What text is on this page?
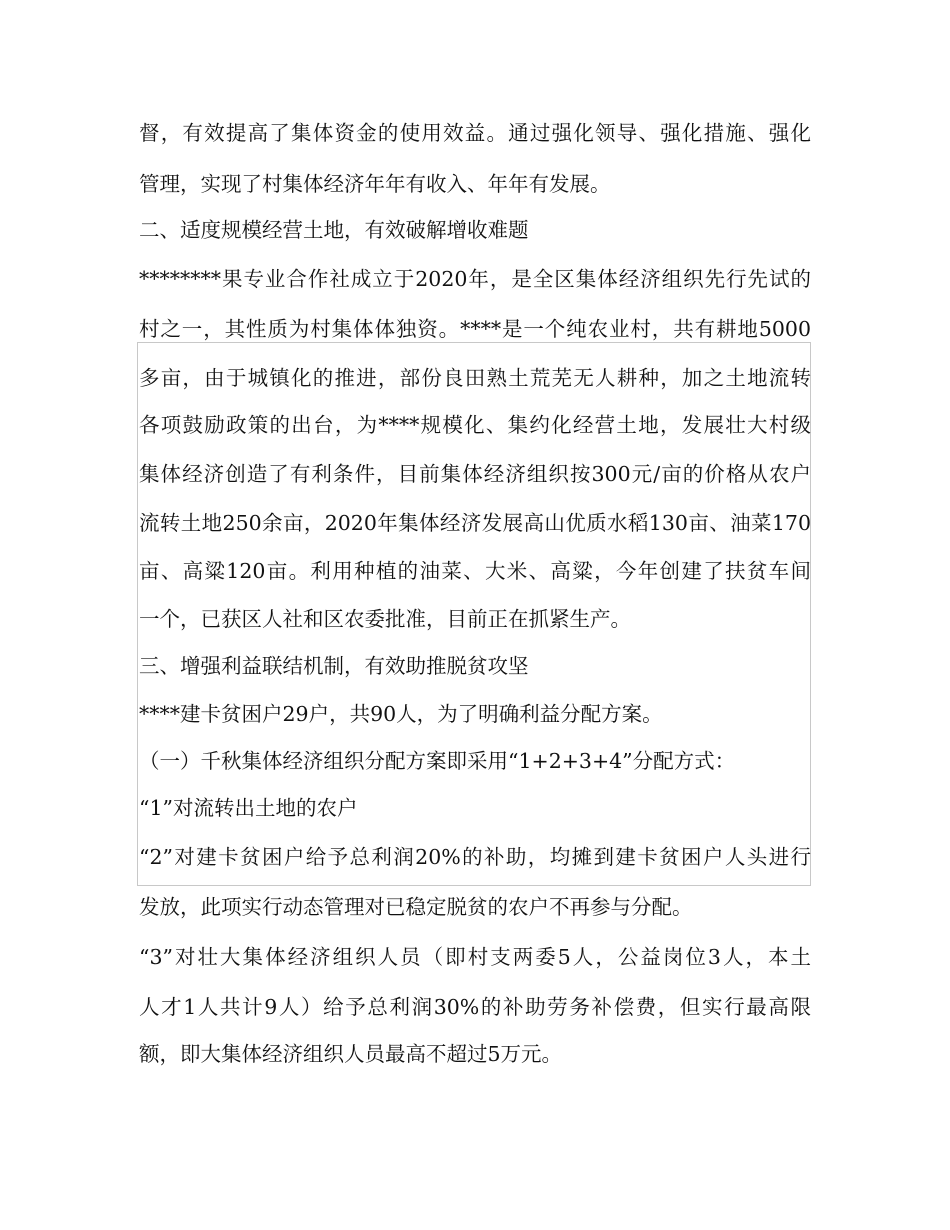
督，有效提高了集体资金的使用效益。通过强化领导、强化措施、强化
管理，实现了村集体经济年年有收入、年年有发展。
二、适度规模经营土地，有效破解增收难题
********果专业合作社成立于2020年，是全区集体经济组织先行先试的
村之一，其性质为村集体体独资。****是一个纯农业村，共有耕地5000
多亩，由于城镇化的推进，部份良田熟土荒芜无人耕种，加之土地流转
各项鼓励政策的出台，为****规模化、集约化经营土地，发展壮大村级
集体经济创造了有利条件，目前集体经济组织按300元/亩的价格从农户
流转土地250余亩，2020年集体经济发展高山优质水稻130亩、油菜170
亩、高粱120亩。利用种植的油菜、大米、高粱，今年创建了扶贫车间
一个，已获区人社和区农委批准，目前正在抓紧生产。
三、增强利益联结机制，有效助推脱贫攻坚
****建卡贫困户29户，共90人，为了明确利益分配方案。
（一）千秋集体经济组织分配方案即采用“1+2+3+4”分配方式：
“1”对流转出土地的农户
“2”对建卡贫困户给予总利润20%的补助，均摊到建卡贫困户人头进行
发放，此项实行动态管理对已稳定脱贫的农户不再参与分配。
“3”对壮大集体经济组织人员（即村支两委5人，公益岗位3人，本土
人才1人共计9人）给予总利润30%的补助劳务补偿费，但实行最高限
额，即大集体经济组织人员最高不超过5万元。
